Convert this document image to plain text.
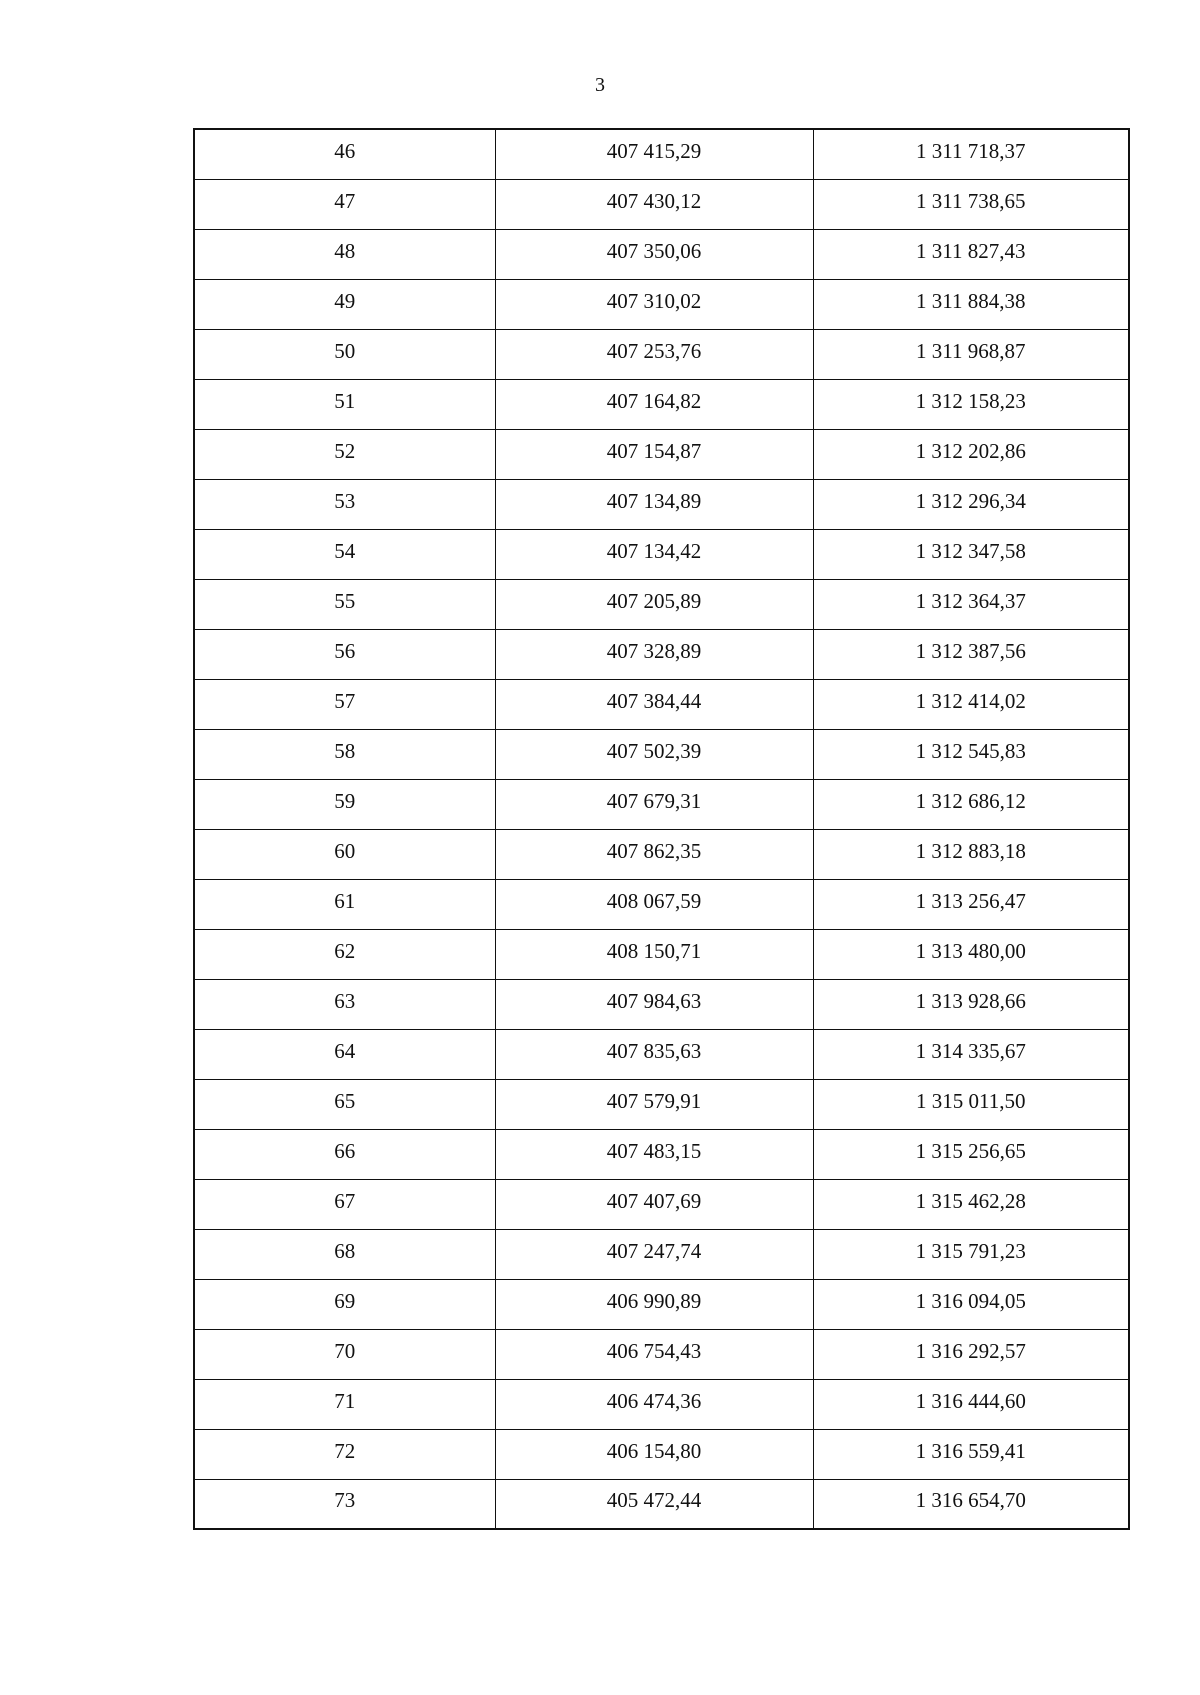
3
46	407 415,29	1 311 718,37
47	407 430,12	1 311 738,65
48	407 350,06	1 311 827,43
49	407 310,02	1 311 884,38
50	407 253,76	1 311 968,87
51	407 164,82	1 312 158,23
52	407 154,87	1 312 202,86
53	407 134,89	1 312 296,34
54	407 134,42	1 312 347,58
55	407 205,89	1 312 364,37
56	407 328,89	1 312 387,56
57	407 384,44	1 312 414,02
58	407 502,39	1 312 545,83
59	407 679,31	1 312 686,12
60	407 862,35	1 312 883,18
61	408 067,59	1 313 256,47
62	408 150,71	1 313 480,00
63	407 984,63	1 313 928,66
64	407 835,63	1 314 335,67
65	407 579,91	1 315 011,50
66	407 483,15	1 315 256,65
67	407 407,69	1 315 462,28
68	407 247,74	1 315 791,23
69	406 990,89	1 316 094,05
70	406 754,43	1 316 292,57
71	406 474,36	1 316 444,60
72	406 154,80	1 316 559,41
73	405 472,44	1 316 654,70
